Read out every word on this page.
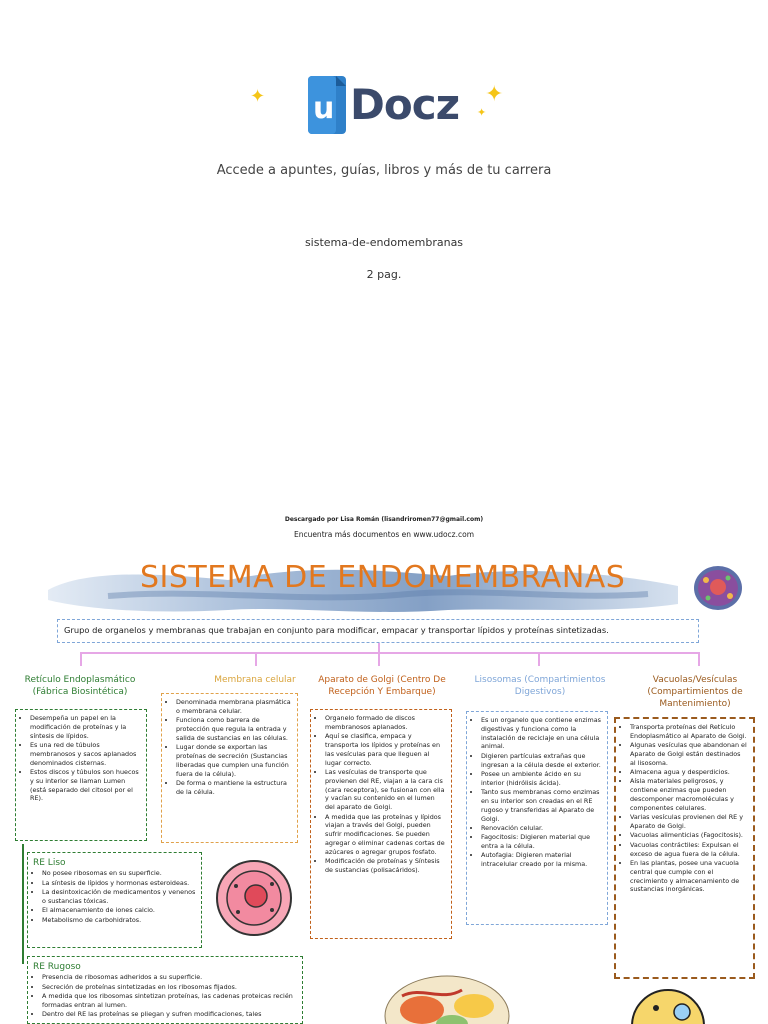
u Docz
✦	✦
✦
Accede a apuntes, guías, libros y más de tu carrera
sistema-de-endomembranas
2 pag.
Descargado por Lisa Román (lisandriromen77@gmail.com)
Encuentra más documentos en www.udocz.com
SISTEMA DE ENDOMEMBRANAS
Grupo de organelos y membranas que trabajan en conjunto para modificar, empacar y transportar lípidos y proteínas sintetizadas.
Retículo Endoplasmático (Fábrica Biosintética)
Membrana celular	Aparato de Golgi (Centro De Recepción Y Embarque)
Lisosomas (Compartimientos Digestivos)
Vacuolas/Vesículas (Compartimientos de Mantenimiento)
• Desempeña un papel en la modificación de proteínas y la síntesis de lípidos.
• Es una red de túbulos membranosos y sacos aplanados denominados cisternas.
• Estos discos y túbulos son huecos y su interior se llaman Lumen (está separado del citosol por el RE).
• Denominada membrana plasmática o membrana celular.
• Funciona como barrera de protección que regula la entrada y salida de sustancias en las células.
• Lugar donde se exportan las proteínas de secreción (Sustancias liberadas que cumplen una función fuera de la célula).
• De forma o mantiene la estructura de la célula.
• Organelo formado de discos membranosos aplanados.
• Aquí se clasifica, empaca y transporta los lípidos y proteínas en las vesículas para que lleguen al lugar correcto.
• Las vesículas de transporte que provienen del RE, viajan a la cara cis (cara receptora), se fusionan con ella y vacían su contenido en el lumen del aparato de Golgi.
• A medida que las proteínas y lípidos viajan a través del Golgi, pueden sufrir modificaciones. Se pueden agregar o eliminar cadenas cortas de azúcares o agregar grupos fosfato.
• Modificación de proteínas y Síntesis de sustancias (polisacáridos).
• Es un organelo que contiene enzimas digestivas y funciona como la instalación de reciclaje en una célula animal.
• Digieren partículas extrañas que ingresan a la célula desde el exterior.
• Posee un ambiente ácido en su interior (hidrólisis ácida).
• Tanto sus membranas como enzimas en su interior son creadas en el RE rugoso y transferidas al Aparato de Golgi.
• Renovación celular.
• Fagocitosis: Digieren material que entra a la célula.
• Autofagia: Digieren material intracelular creado por la misma.
• Transporta proteínas del Retículo Endoplasmático al Aparato de Golgi.
• Algunas vesículas que abandonan el Aparato de Golgi están destinados al lisosoma.
• Almacena agua y desperdicios.
• Aísla materiales peligrosos, y contiene enzimas que pueden descomponer macromoléculas y componentes celulares.
• Varias vesículas provienen del RE y Aparato de Golgi.
• Vacuolas alimenticias (Fagocitosis).
• Vacuolas contráctiles: Expulsan el exceso de agua fuera de la célula.
• En las plantas, posee una vacuola central que cumple con el crecimiento y almacenamiento de sustancias inorgánicas.
RE Liso
• No posee ribosomas en su superficie.
• La síntesis de lípidos y hormonas esteroideas.
• La desintoxicación de medicamentos y venenos o sustancias tóxicas.
• El almacenamiento de iones calcio.
• Metabolismo de carbohidratos.
RE Rugoso
• Presencia de ribosomas adheridos a su superficie.
• Secreción de proteínas sintetizadas en los ribosomas fijados.
• A medida que los ribosomas sintetizan proteínas, las cadenas proteicas recién formadas entran al lumen.
• Dentro del RE las proteínas se pliegan y sufren modificaciones, tales
